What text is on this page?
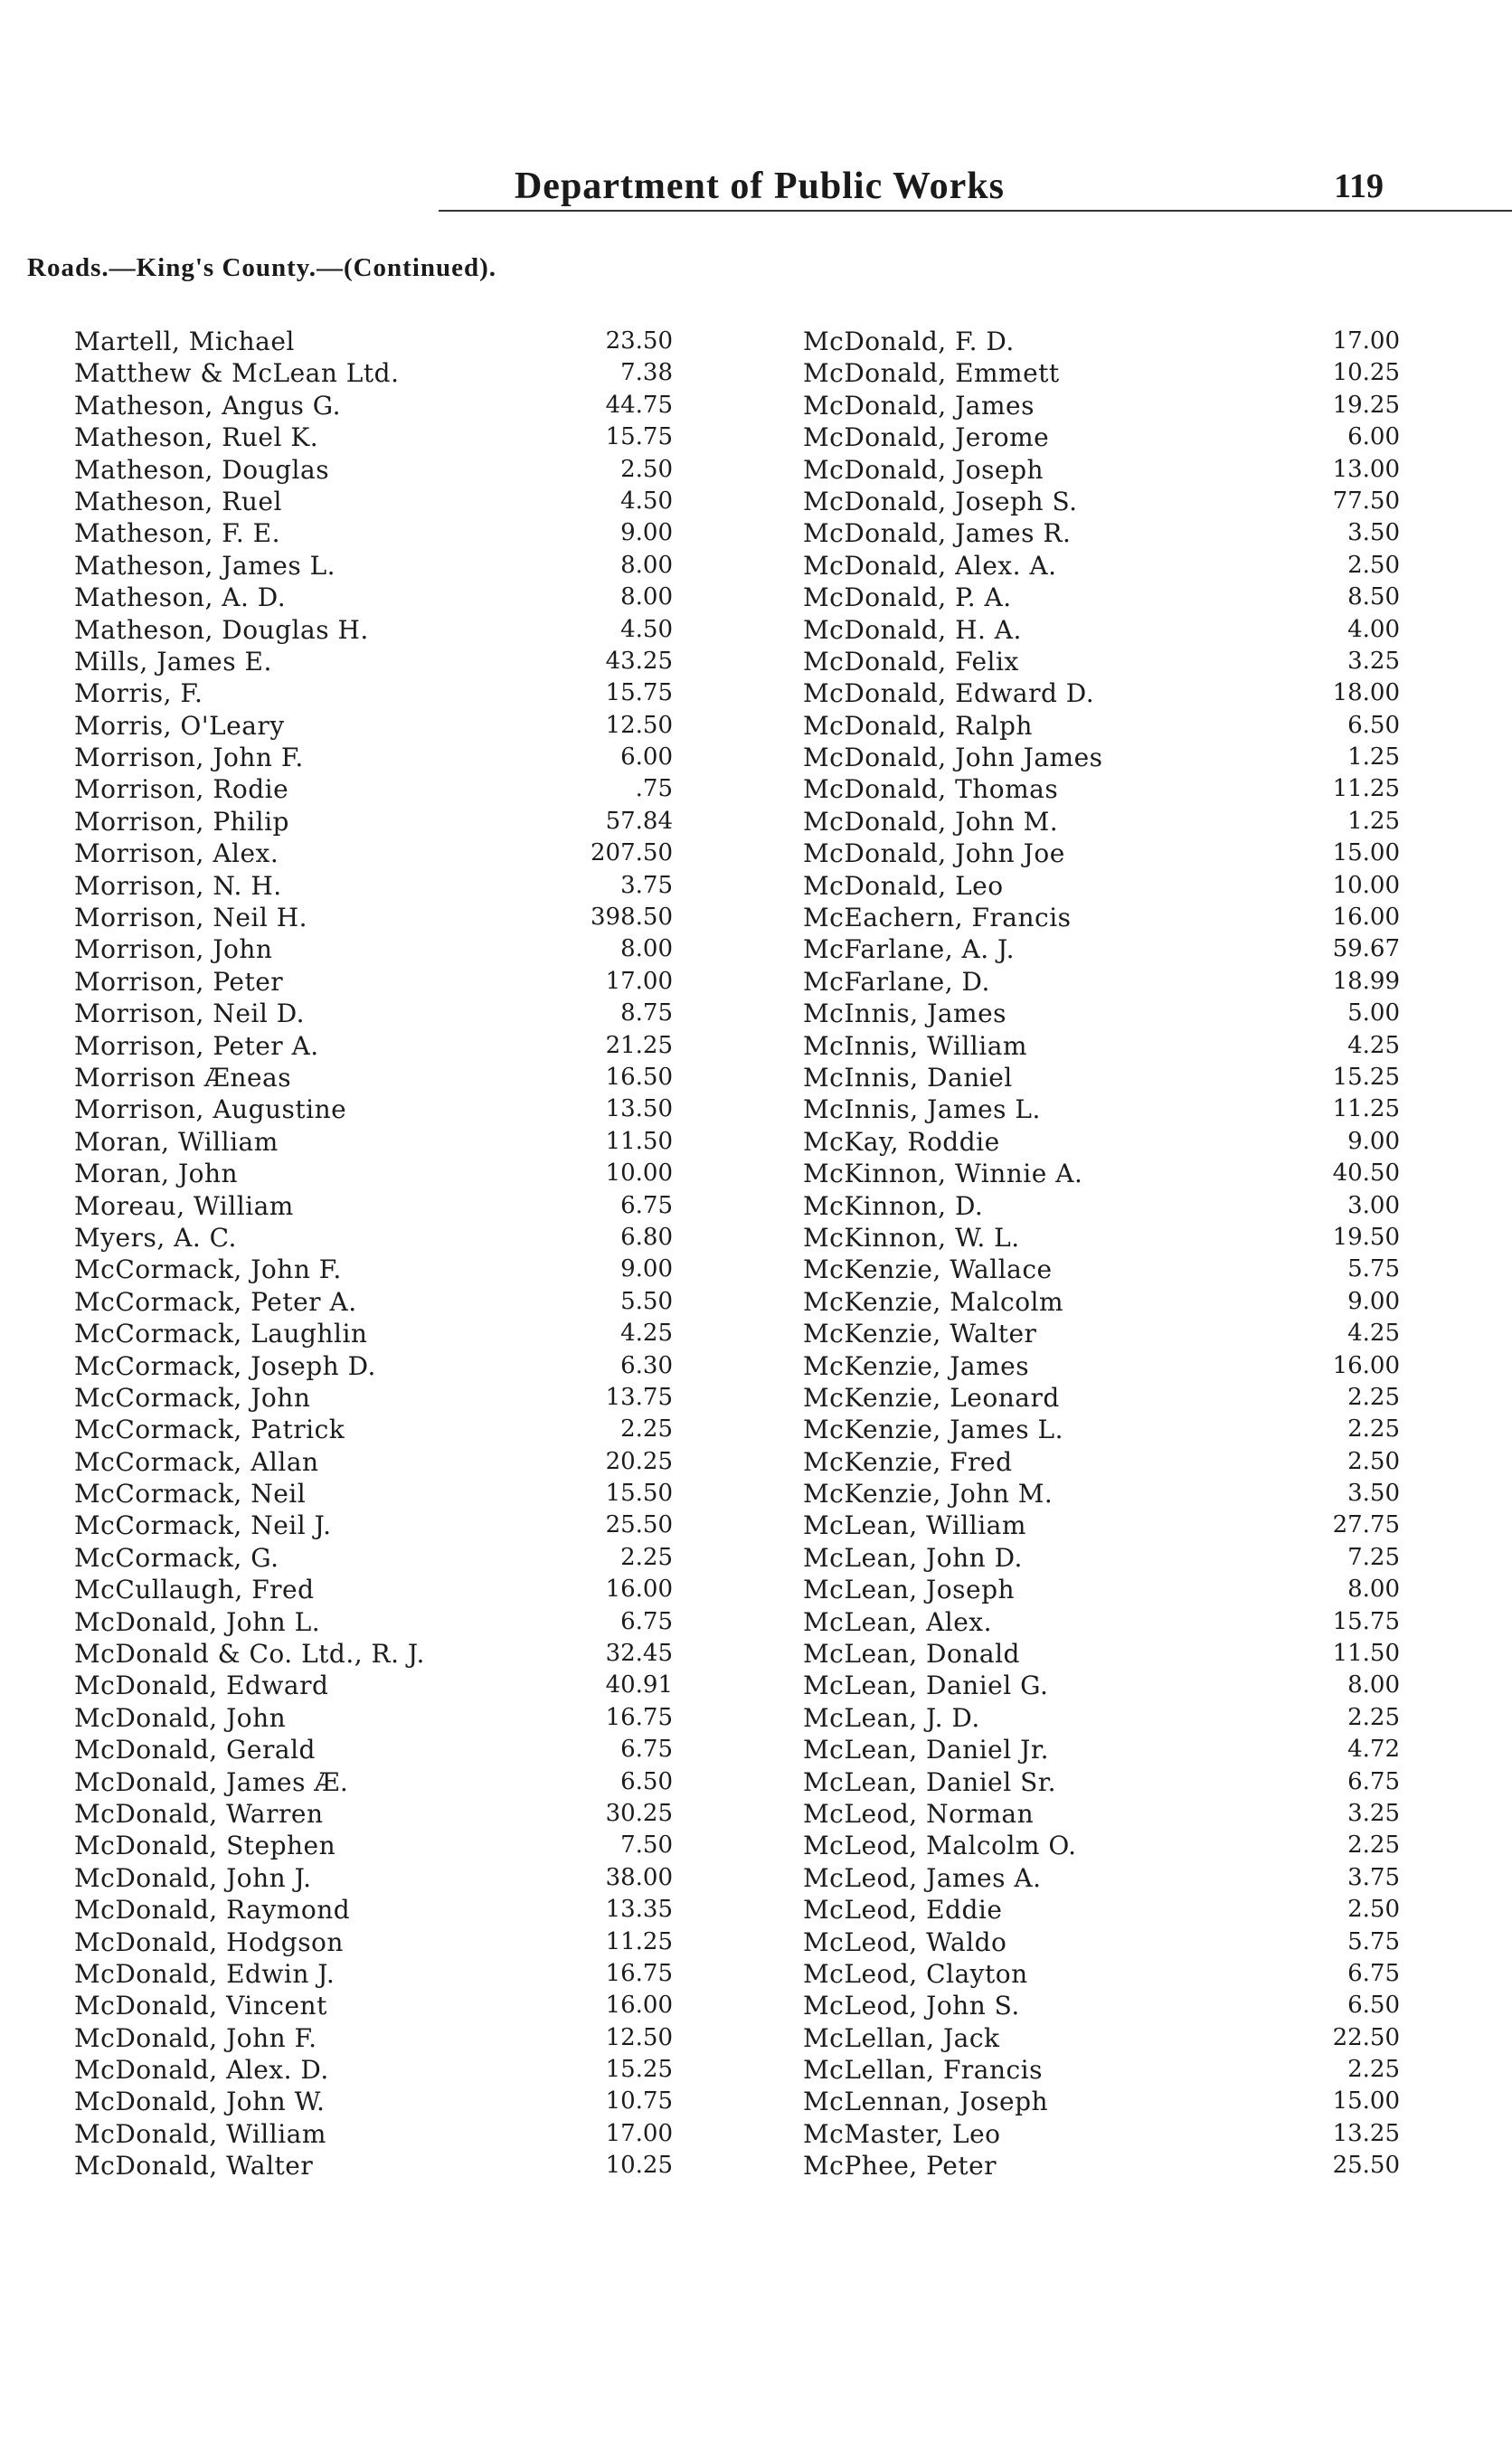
Department of Public Works	119
Roads.—King's County.—(Continued).
Martell, Michael	23.50
Matthew & McLean Ltd.	7.38
Matheson, Angus G.	44.75
Matheson, Ruel K.	15.75
Matheson, Douglas	2.50
Matheson, Ruel	4.50
Matheson, F. E.	9.00
Matheson, James L.	8.00
Matheson, A. D.	8.00
Matheson, Douglas H.	4.50
Mills, James E.	43.25
Morris, F.	15.75
Morris, O'Leary	12.50
Morrison, John F.	6.00
Morrison, Rodie	.75
Morrison, Philip	57.84
Morrison, Alex.	207.50
Morrison, N. H.	3.75
Morrison, Neil H.	398.50
Morrison, John	8.00
Morrison, Peter	17.00
Morrison, Neil D.	8.75
Morrison, Peter A.	21.25
Morrison Æneas	16.50
Morrison, Augustine	13.50
Moran, William	11.50
Moran, John	10.00
Moreau, William	6.75
Myers, A. C.	6.80
McCormack, John F.	9.00
McCormack, Peter A.	5.50
McCormack, Laughlin	4.25
McCormack, Joseph D.	6.30
McCormack, John	13.75
McCormack, Patrick	2.25
McCormack, Allan	20.25
McCormack, Neil	15.50
McCormack, Neil J.	25.50
McCormack, G.	2.25
McCullaugh, Fred	16.00
McDonald, John L.	6.75
McDonald & Co. Ltd., R. J.	32.45
McDonald, Edward	40.91
McDonald, John	16.75
McDonald, Gerald	6.75
McDonald, James Æ.	6.50
McDonald, Warren	30.25
McDonald, Stephen	7.50
McDonald, John J.	38.00
McDonald, Raymond	13.35
McDonald, Hodgson	11.25
McDonald, Edwin J.	16.75
McDonald, Vincent	16.00
McDonald, John F.	12.50
McDonald, Alex. D.	15.25
McDonald, John W.	10.75
McDonald, William	17.00
McDonald, Walter	10.25
McDonald, F. D.	17.00
McDonald, Emmett	10.25
McDonald, James	19.25
McDonald, Jerome	6.00
McDonald, Joseph	13.00
McDonald, Joseph S.	77.50
McDonald, James R.	3.50
McDonald, Alex. A.	2.50
McDonald, P. A.	8.50
McDonald, H. A.	4.00
McDonald, Felix	3.25
McDonald, Edward D.	18.00
McDonald, Ralph	6.50
McDonald, John James	1.25
McDonald, Thomas	11.25
McDonald, John M.	1.25
McDonald, John Joe	15.00
McDonald, Leo	10.00
McEachern, Francis	16.00
McFarlane, A. J.	59.67
McFarlane, D.	18.99
McInnis, James	5.00
McInnis, William	4.25
McInnis, Daniel	15.25
McInnis, James L.	11.25
McKay, Roddie	9.00
McKinnon, Winnie A.	40.50
McKinnon, D.	3.00
McKinnon, W. L.	19.50
McKenzie, Wallace	5.75
McKenzie, Malcolm	9.00
McKenzie, Walter	4.25
McKenzie, James	16.00
McKenzie, Leonard	2.25
McKenzie, James L.	2.25
McKenzie, Fred	2.50
McKenzie, John M.	3.50
McLean, William	27.75
McLean, John D.	7.25
McLean, Joseph	8.00
McLean, Alex.	15.75
McLean, Donald	11.50
McLean, Daniel G.	8.00
McLean, J. D.	2.25
McLean, Daniel Jr.	4.72
McLean, Daniel Sr.	6.75
McLeod, Norman	3.25
McLeod, Malcolm O.	2.25
McLeod, James A.	3.75
McLeod, Eddie	2.50
McLeod, Waldo	5.75
McLeod, Clayton	6.75
McLeod, John S.	6.50
McLellan, Jack	22.50
McLellan, Francis	2.25
McLennan, Joseph	15.00
McMaster, Leo	13.25
McPhee, Peter	25.50
